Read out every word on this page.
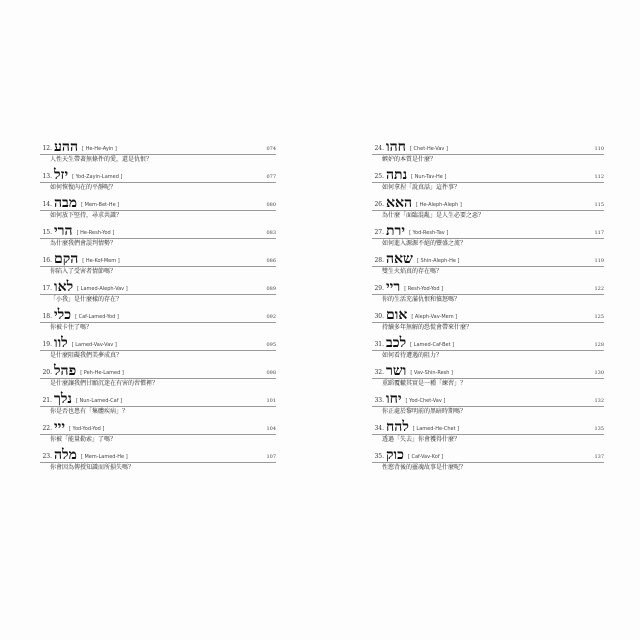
12. ההע [ He-He-Ayin ]	074
人性天生帶著無條件的愛，還是仇恨？
13. יזל [ Yod-Zayin-Lamed ]	077
如何恢復內在的平靜呢？
14. מבה [ Mem-Bet-He ]	080
如何放下堅持，尋求共識？
15. הרי [ He-Resh-Yod ]	083
為什麼我們會誤判情勢？
16. הקם [ He-Kof-Mem ]	086
你陷入了受害者情節嗎？
17. לאו [ Lamed-Aleph-Vav ]	089
「小我」是什麼樣的存在？
18. כלי [ Caf-Lamed-Yod ]	092
你被卡住了嗎？
19. לוו [ Lamed-Vav-Vav ]	095
是什麼阻礙我們美夢成真？
20. פהל [ Peh-He-Lamed ]	098
是什麼讓我們甘願沉迷在有害的習慣裡？
21. נלך [ Nun-Lamed-Caf ]	101
你是否也患有「集體疾病」？
22. ייי [ Yod-Yod-Yod ]	104
你被「能量勒索」了嗎？
23. מלה [ Mem-Lamed-He ]	107
你會因為傳授知識而所損失嗎？
24. חהו [ Chet-He-Vav ]	110
嫉妒的本質是什麼？
25. נתה [ Nun-Tav-He ]	112
如何拿捏「說真話」這件事？
26. האא [ He-Aleph-Aleph ]	115
為什麼「面臨混亂」是人生必要之惡？
27. ירת [ Yod-Resh-Tav ]	117
如何進入源源不絕的豐盛之流？
28. שאה [ Shin-Aleph-He ]	119
雙生火焰真的存在嗎？
29. ריי [ Resh-Yod-Yod ]	122
你的生活充滿仇恨和憤怒嗎？
30. אום [ Aleph-Vav-Mem ]	125
持續多年無解的恐慌會帶來什麼？
31. לכב [ Lamed-Caf-Bet ]	128
如何看待遭遇的阻力？
32. ושר [ Vav-Shin-Resh ]	130
重蹈覆轍其實是一種「練習」？
33. יחו [ Yod-Chet-Vav ]	132
你正處於黎明前的黑暗時期嗎？
34. להח [ Lamed-He-Chet ]	135
透過「失去」你會獲得什麼？
35. כוק [ Caf-Vav-Kof ]	137
性慾背後的靈魂故事是什麼呢？
